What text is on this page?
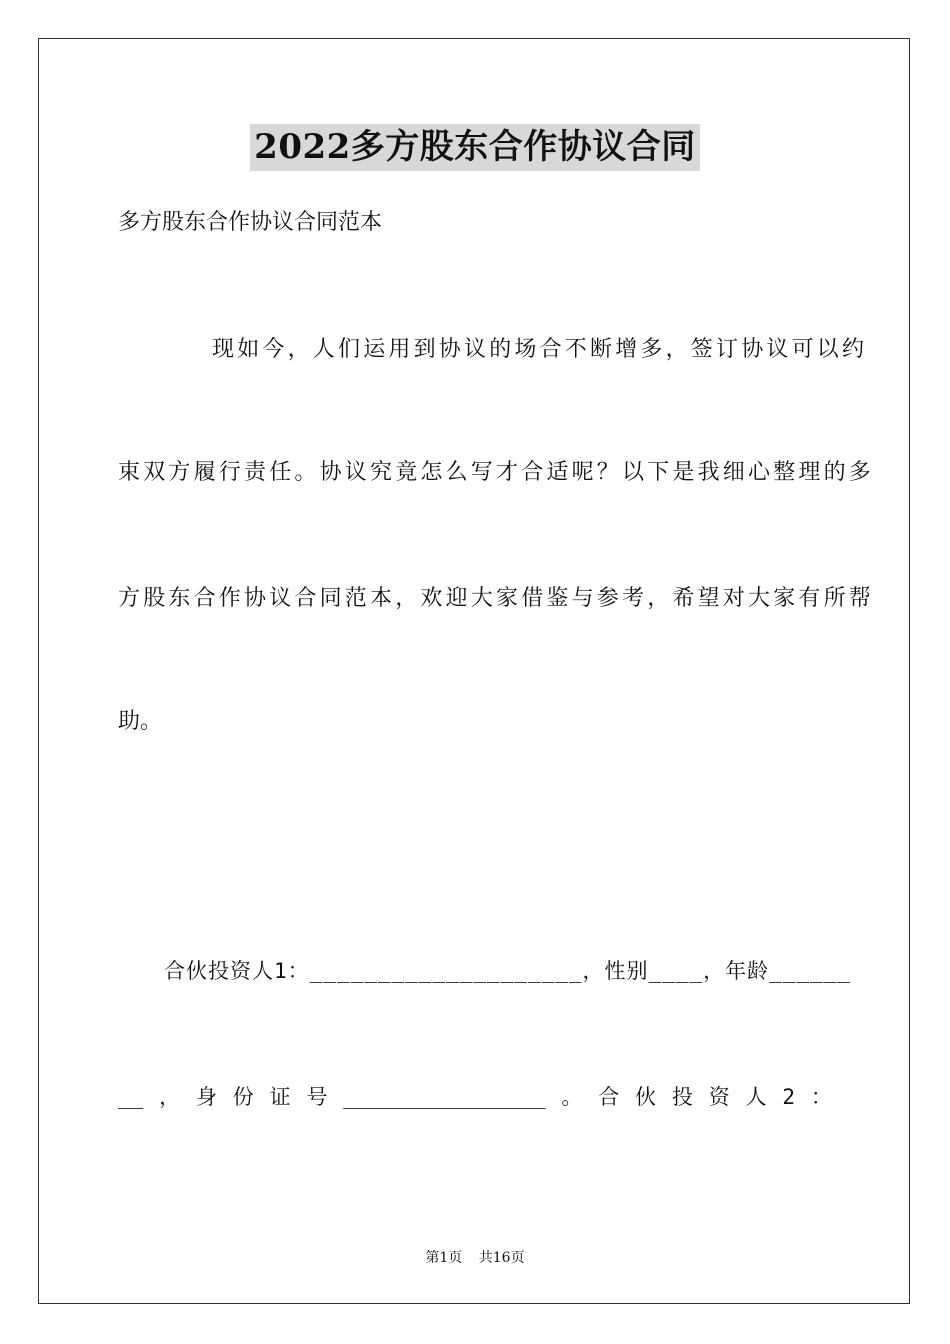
2022多方股东合作协议合同
多方股东合作协议合同范本
现如今，人们运用到协议的场合不断增多，签订协议可以约
束双方履行责任。协议究竟怎么写才合适呢？以下是我细心整理的多
方股东合作协议合同范本，欢迎大家借鉴与参考，希望对大家有所帮
助。
合伙投资人1：____________________，性别____，年龄______
__ ， 身 份 证 号 ________________ 。 合 伙 投 资 人 2 ：
第1页 共16页
